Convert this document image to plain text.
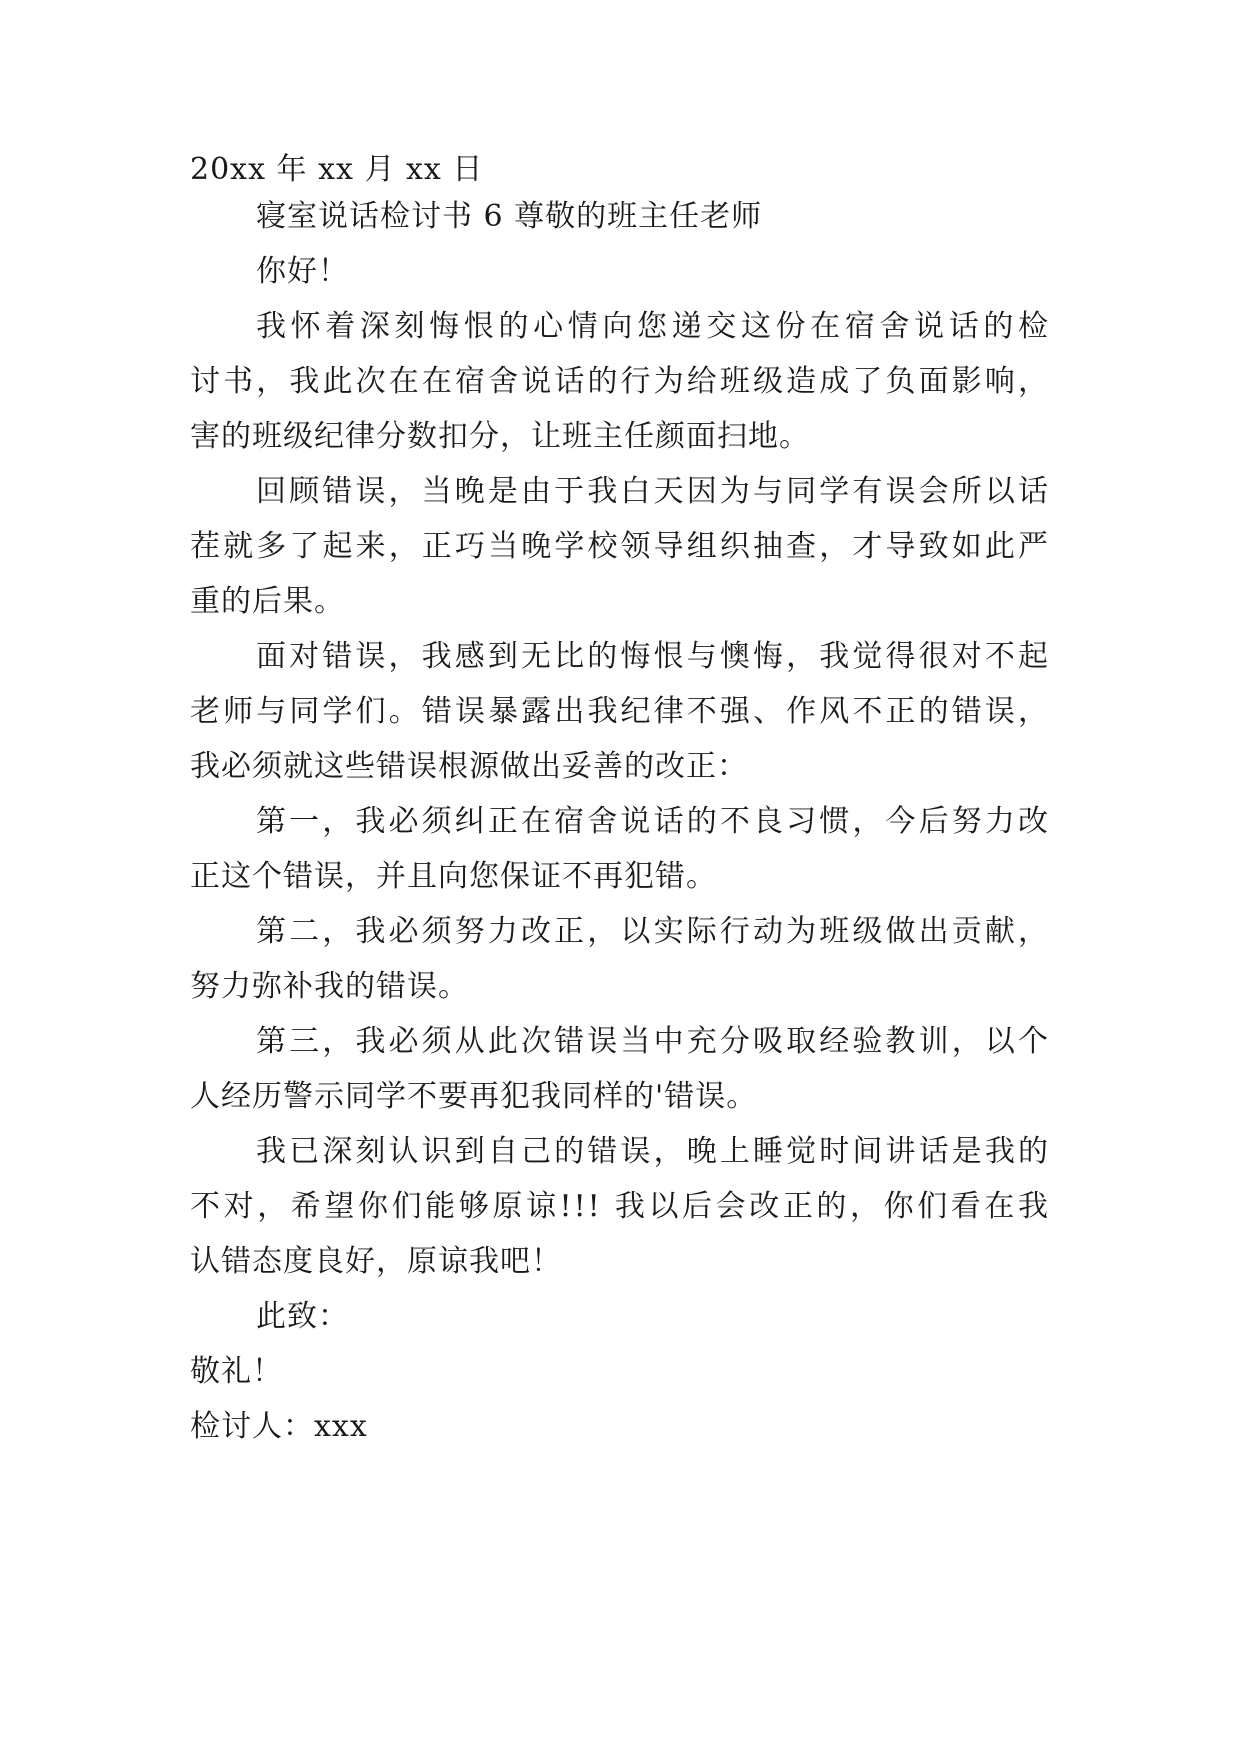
20xx 年 xx 月 xx 日
寝室说话检讨书 6 尊敬的班主任老师
你好！
我怀着深刻悔恨的心情向您递交这份在宿舍说话的检
讨书，我此次在在宿舍说话的行为给班级造成了负面影响，
害的班级纪律分数扣分，让班主任颜面扫地。
回顾错误，当晚是由于我白天因为与同学有误会所以话
茬就多了起来，正巧当晚学校领导组织抽查，才导致如此严
重的后果。
面对错误，我感到无比的悔恨与懊悔，我觉得很对不起
老师与同学们。错误暴露出我纪律不强、作风不正的错误，
我必须就这些错误根源做出妥善的改正：
第一，我必须纠正在宿舍说话的不良习惯，今后努力改
正这个错误，并且向您保证不再犯错。
第二，我必须努力改正，以实际行动为班级做出贡献，
努力弥补我的错误。
第三，我必须从此次错误当中充分吸取经验教训，以个
人经历警示同学不要再犯我同样的'错误。
我已深刻认识到自己的错误，晚上睡觉时间讲话是我的
不对，希望你们能够原谅!!! 我以后会改正的，你们看在我
认错态度良好，原谅我吧！
此致：
敬礼！
检讨人：xxx
